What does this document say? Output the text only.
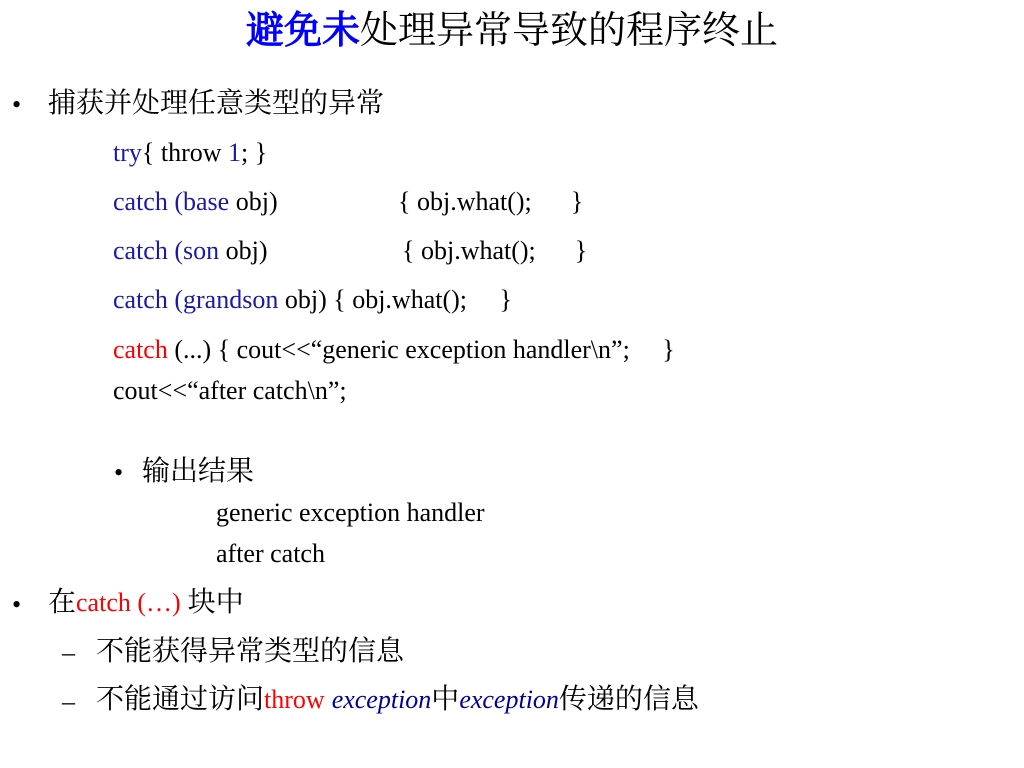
避免未处理异常导致的程序终止
• 捕获并处理任意类型的异常
try{ throw 1; }
catch (base obj)	{ obj.what();      }
catch (son obj)	{ obj.what();      }
catch (grandson obj) { obj.what();     }
catch (...) { cout<<“generic exception handler\n”;     }
cout<<“after catch\n”;
• 输出结果
generic exception handler
after catch
• 在catch (…) 块中
– 不能获得异常类型的信息
– 不能通过访问throw exception中exception传递的信息
